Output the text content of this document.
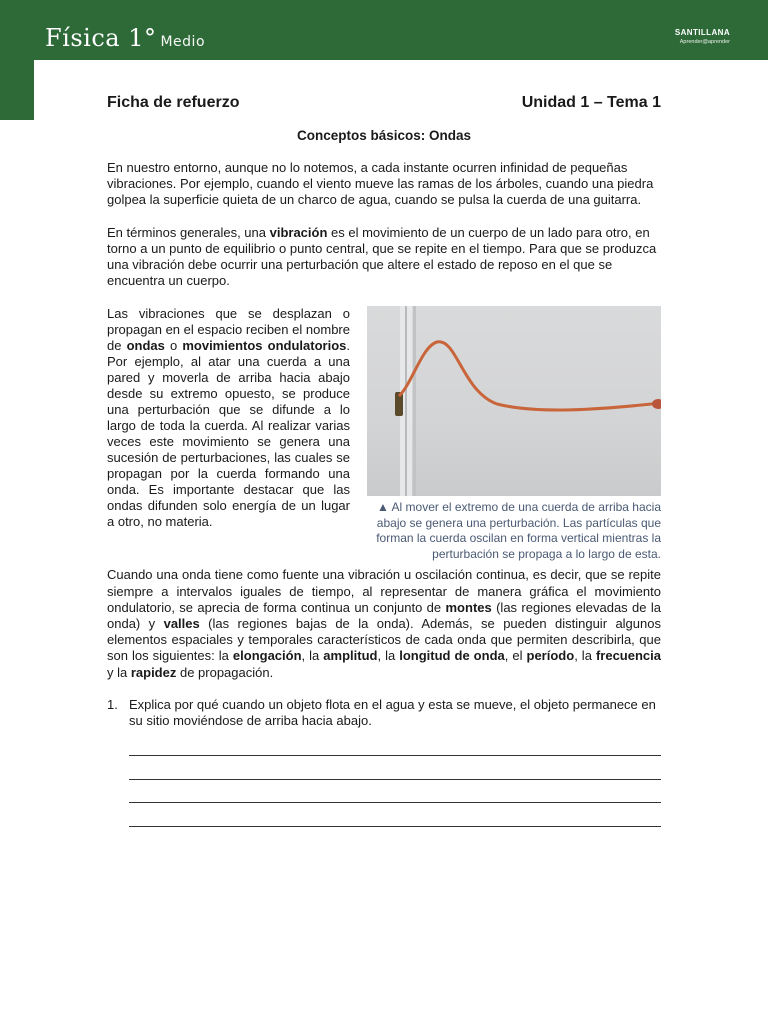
Física 1° Medio
SANTILLANA
Aprender@aprender
Ficha de refuerzo	Unidad 1 – Tema 1
Conceptos básicos: Ondas

En nuestro entorno, aunque no lo notemos, a cada instante ocurren infinidad de pequeñas vibraciones. Por ejemplo, cuando el viento mueve las ramas de los árboles, cuando una piedra golpea la superficie quieta de un charco de agua, cuando se pulsa la cuerda de una guitarra.

En términos generales, una vibración es el movimiento de un cuerpo de un lado para otro, en torno a un punto de equilibrio o punto central, que se repite en el tiempo. Para que se produzca una vibración debe ocurrir una perturbación que altere el estado de reposo en el que se encuentra un cuerpo.

Las vibraciones que se desplazan o propagan en el espacio reciben el nombre de ondas o movimientos ondulatorios. Por ejemplo, al atar una cuerda a una pared y moverla de arriba hacia abajo desde su extremo opuesto, se produce una perturbación que se difunde a lo largo de toda la cuerda. Al realizar varias veces este movimiento se genera una sucesión de perturbaciones, las cuales se propagan por la cuerda formando una onda. Es importante destacar que las ondas difunden solo energía de un lugar a otro, no materia.
▲ Al mover el extremo de una cuerda de arriba hacia abajo se genera una perturbación. Las partículas que forman la cuerda oscilan en forma vertical mientras la perturbación se propaga a lo largo de esta.

Cuando una onda tiene como fuente una vibración u oscilación continua, es decir, que se repite siempre a intervalos iguales de tiempo, al representar de manera gráfica el movimiento ondulatorio, se aprecia de forma continua un conjunto de montes (las regiones elevadas de la onda) y valles (las regiones bajas de la onda). Además, se pueden distinguir algunos elementos espaciales y temporales característicos de cada onda que permiten describirla, que son los siguientes: la elongación, la amplitud, la longitud de onda, el período, la frecuencia y la rapidez de propagación.

1. Explica por qué cuando un objeto flota en el agua y esta se mueve, el objeto permanece en su sitio moviéndose de arriba hacia abajo.
